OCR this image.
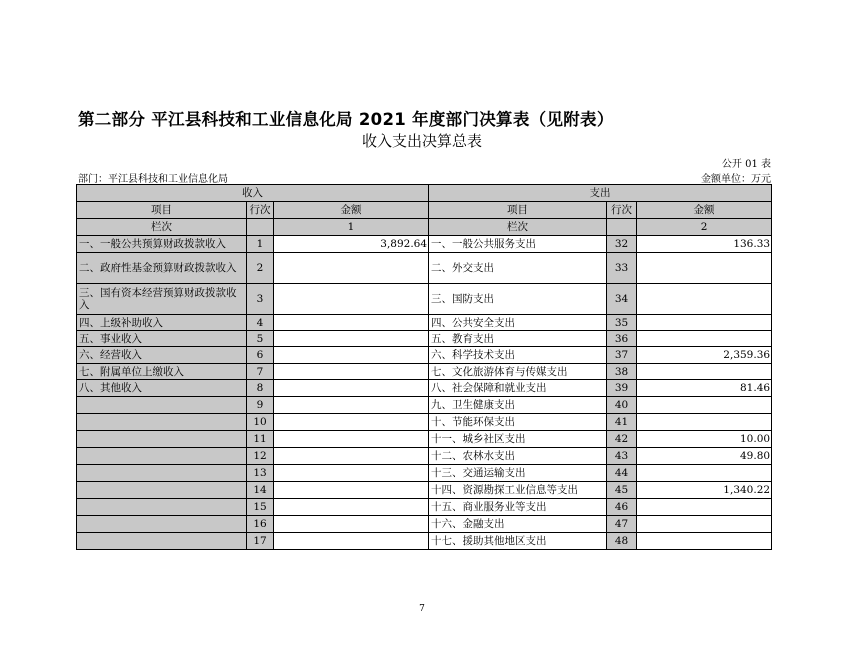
第二部分 平江县科技和工业信息化局 2021 年度部门决算表（见附表）
收入支出决算总表
公开 01 表
部门：平江县科技和工业信息化局	金额单位：万元
收入			支出		
项目	行次	金额	项目	行次	金额
栏次		1	栏次		2
一、一般公共预算财政拨款收入	1	3,892.64	一、一般公共服务支出	32	136.33
二、政府性基金预算财政拨款收入	2		二、外交支出	33	
三、国有资本经营预算财政拨款收入	3		三、国防支出	34	
四、上级补助收入	4		四、公共安全支出	35	
五、事业收入	5		五、教育支出	36	
六、经营收入	6		六、科学技术支出	37	2,359.36
七、附属单位上缴收入	7		七、文化旅游体育与传媒支出	38	
八、其他收入	8		八、社会保障和就业支出	39	81.46
	9		九、卫生健康支出	40	
	10		十、节能环保支出	41	
	11		十一、城乡社区支出	42	10.00
	12		十二、农林水支出	43	49.80
	13		十三、交通运输支出	44	
	14		十四、资源勘探工业信息等支出	45	1,340.22
	15		十五、商业服务业等支出	46	
	16		十六、金融支出	47	
	17		十七、援助其他地区支出	48	
7
